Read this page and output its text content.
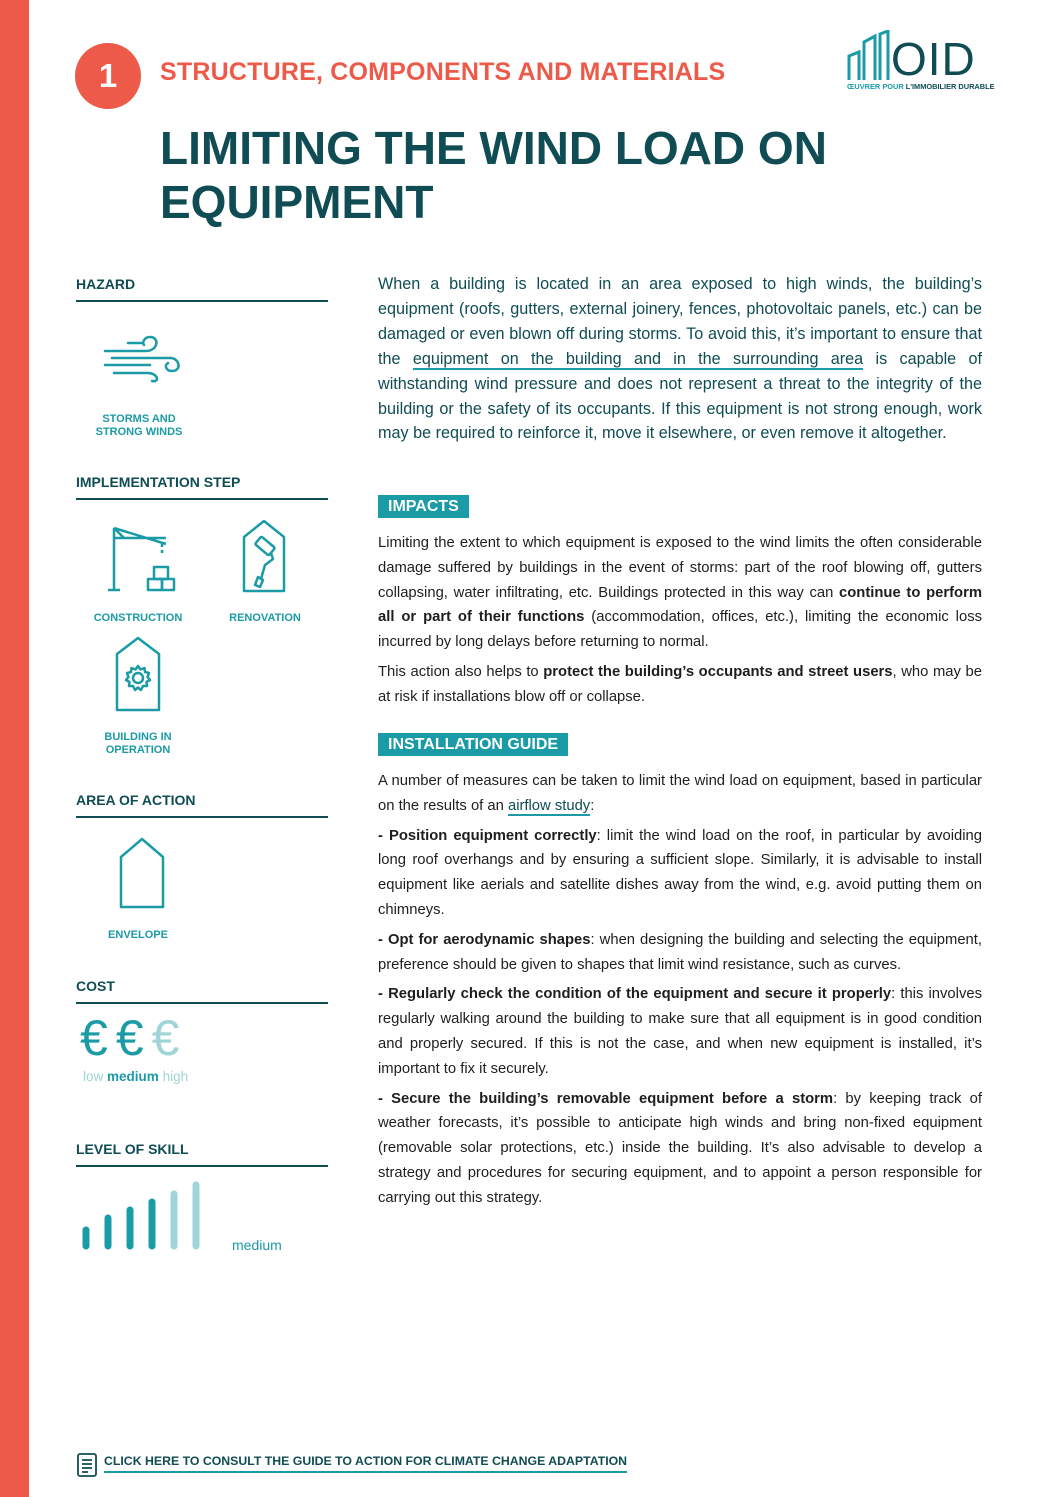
1	STRUCTURE, COMPONENTS AND MATERIALS
LIMITING THE WIND LOAD ON EQUIPMENT
OID
ŒUVRER POUR L'IMMOBILIER DURABLE
HAZARD
STORMS AND
STRONG WINDS
IMPLEMENTATION STEP
CONSTRUCTION	RENOVATION
BUILDING IN
OPERATION
AREA OF ACTION
ENVELOPE
COST
€ € €
low medium high
LEVEL OF SKILL
medium
When a building is located in an area exposed to high winds, the building’s equipment (roofs, gutters, external joinery, fences, photovoltaic panels, etc.) can be damaged or even blown off during storms. To avoid this, it’s important to ensure that the equipment on the building and in the surrounding area is capable of withstanding wind pressure and does not represent a threat to the integrity of the building or the safety of its occupants. If this equipment is not strong enough, work may be required to reinforce it, move it elsewhere, or even remove it altogether.
IMPACTS

Limiting the extent to which equipment is exposed to the wind limits the often considerable damage suffered by buildings in the event of storms: part of the roof blowing off, gutters collapsing, water infiltrating, etc. Buildings protected in this way can continue to perform all or part of their functions (accommodation, offices, etc.), limiting the economic loss incurred by long delays before returning to normal.

This action also helps to protect the building’s occupants and street users, who may be at risk if installations blow off or collapse.

INSTALLATION GUIDE

A number of measures can be taken to limit the wind load on equipment, based in particular on the results of an airflow study:

- Position equipment correctly: limit the wind load on the roof, in particular by avoiding long roof overhangs and by ensuring a sufficient slope. Similarly, it is advisable to install equipment like aerials and satellite dishes away from the wind, e.g. avoid putting them on chimneys.

- Opt for aerodynamic shapes: when designing the building and selecting the equipment, preference should be given to shapes that limit wind resistance, such as curves.

- Regularly check the condition of the equipment and secure it properly: this involves regularly walking around the building to make sure that all equipment is in good condition and properly secured. If this is not the case, and when new equipment is installed, it’s important to fix it securely.

- Secure the building’s removable equipment before a storm: by keeping track of weather forecasts, it’s possible to anticipate high winds and bring non-fixed equipment (removable solar protections, etc.) inside the building. It’s also advisable to develop a strategy and procedures for securing equipment, and to appoint a person responsible for carrying out this strategy.

CLICK HERE TO CONSULT THE GUIDE TO ACTION FOR CLIMATE CHANGE ADAPTATION
